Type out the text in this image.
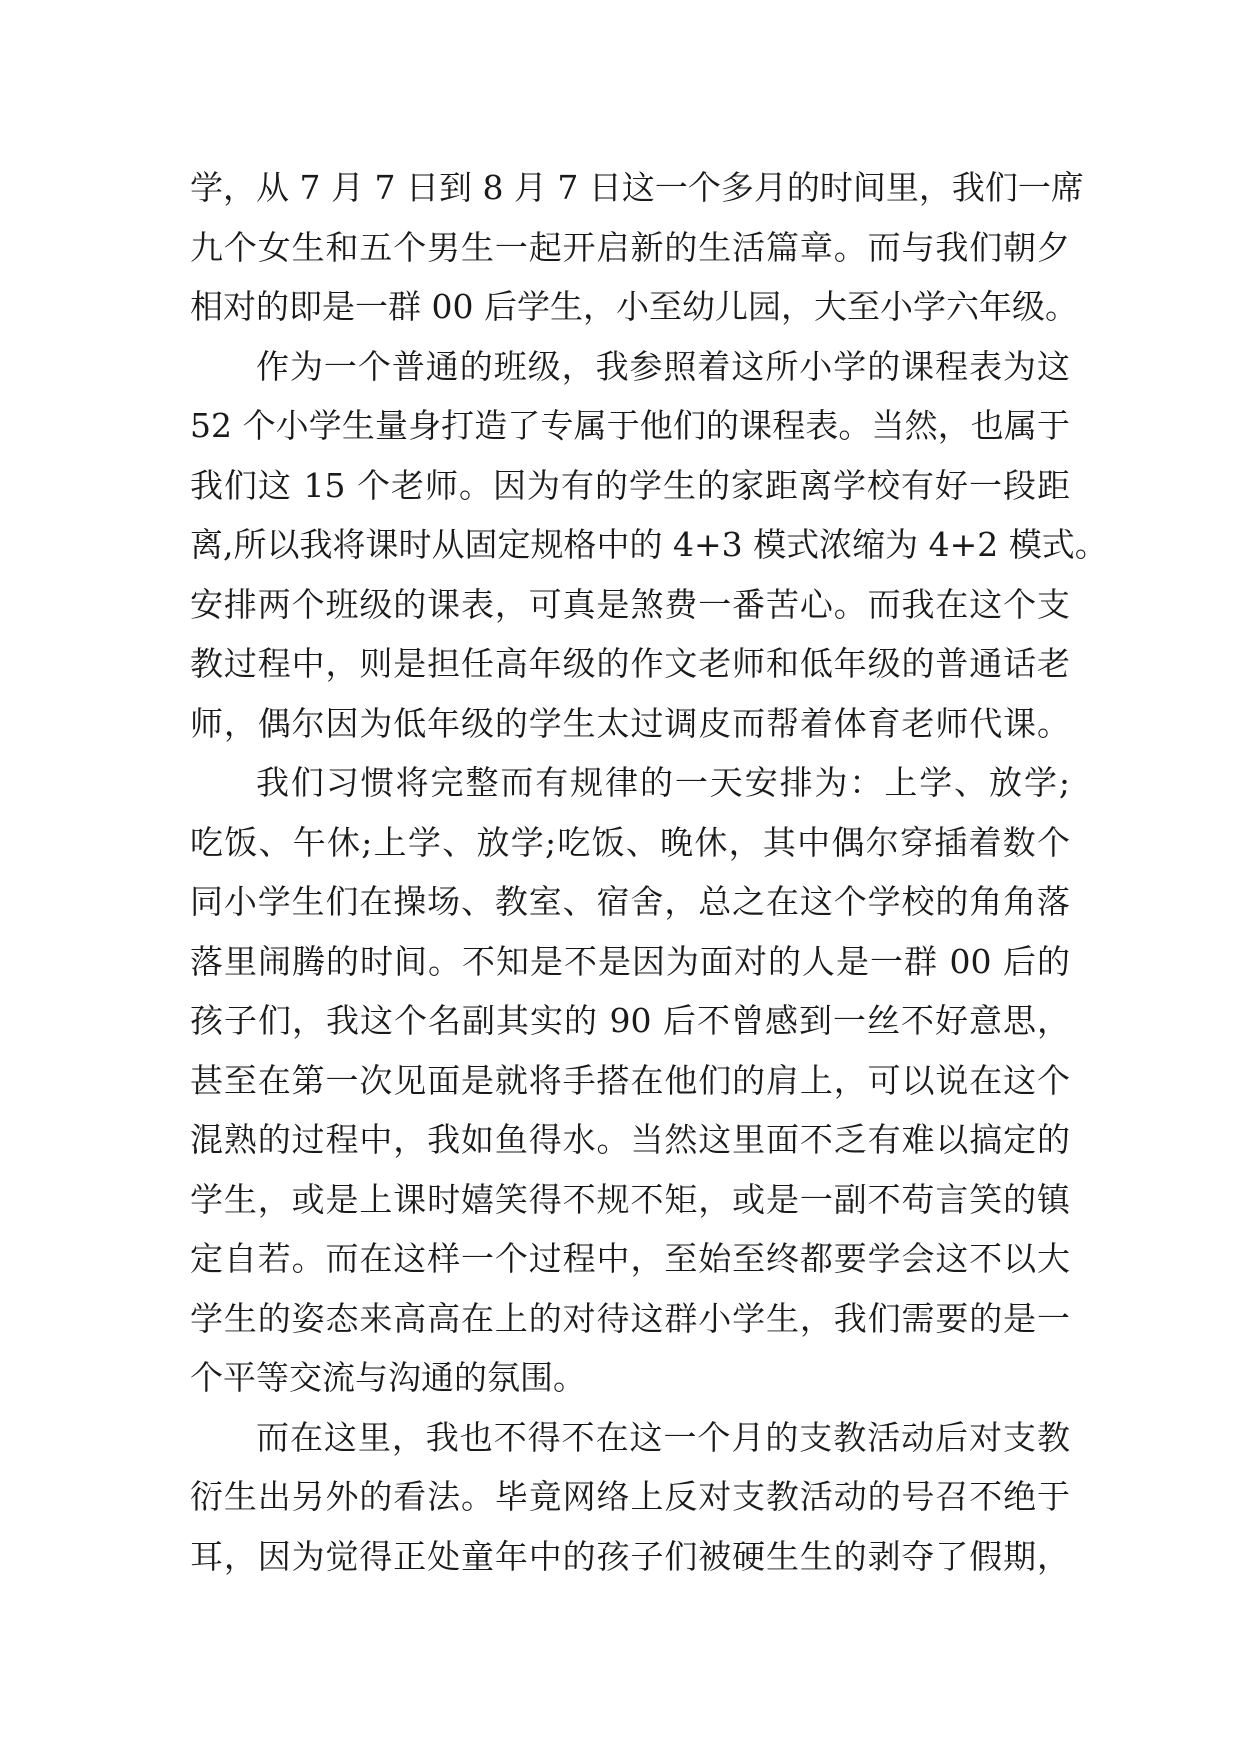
学，从 7 月 7 日到 8 月 7 日这一个多月的时间里，我们一席
九个女生和五个男生一起开启新的生活篇章。而与我们朝夕
相对的即是一群 00 后学生，小至幼儿园，大至小学六年级。
作为一个普通的班级，我参照着这所小学的课程表为这
52 个小学生量身打造了专属于他们的课程表。当然，也属于
我们这 15 个老师。因为有的学生的家距离学校有好一段距
离,所以我将课时从固定规格中的 4+3 模式浓缩为 4+2 模式。
安排两个班级的课表，可真是煞费一番苦心。而我在这个支
教过程中，则是担任高年级的作文老师和低年级的普通话老
师，偶尔因为低年级的学生太过调皮而帮着体育老师代课。
我们习惯将完整而有规律的一天安排为：上学、放学;
吃饭、午休;上学、放学;吃饭、晚休，其中偶尔穿插着数个
同小学生们在操场、教室、宿舍，总之在这个学校的角角落
落里闹腾的时间。不知是不是因为面对的人是一群 00 后的
孩子们，我这个名副其实的 90 后不曾感到一丝不好意思，
甚至在第一次见面是就将手搭在他们的肩上，可以说在这个
混熟的过程中，我如鱼得水。当然这里面不乏有难以搞定的
学生，或是上课时嬉笑得不规不矩，或是一副不苟言笑的镇
定自若。而在这样一个过程中，至始至终都要学会这不以大
学生的姿态来高高在上的对待这群小学生，我们需要的是一
个平等交流与沟通的氛围。
而在这里，我也不得不在这一个月的支教活动后对支教
衍生出另外的看法。毕竟网络上反对支教活动的号召不绝于
耳，因为觉得正处童年中的孩子们被硬生生的剥夺了假期，
